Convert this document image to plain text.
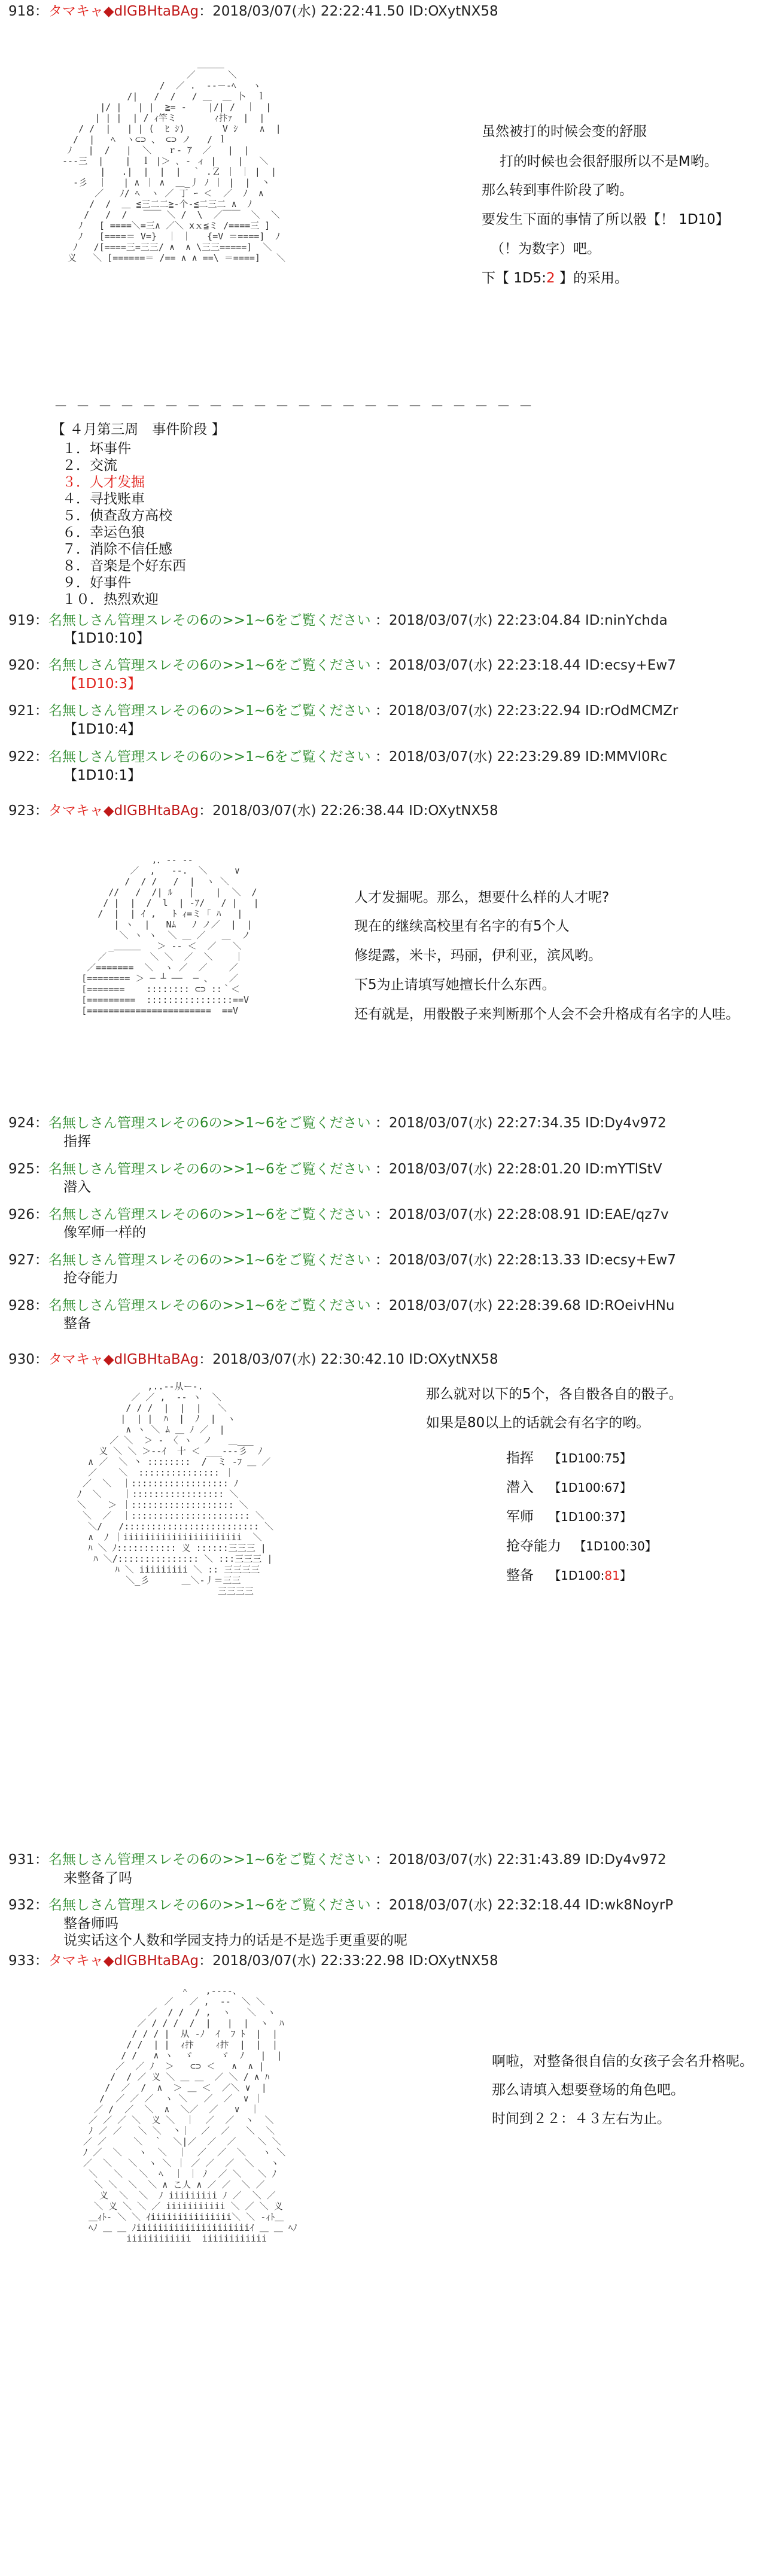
918：タマキャ◆dIGBHtaBAg：2018/03/07(水) 22:22:41.50 ID:OXytNX58

＿＿＿
／      ＼
/  ／ .  ‐‐－-ﾍ   ヽ
/|   /  /   / ＿  ＿ 卜  ｌ
|/ |   | |  ≧= ‐    |/| /  ｜  |
| | |  | / ｨ竿ミ       ｨ抃ｧ  |  |
/ /  |   | | (  ﾋ ｼ)       V ｼ    ∧  |
/  |   ﾍ  ヽ⊂⊃ 、 ⊂⊃ ノ   / ｌ
ﾉ   |  /   |  ＼   ｒ‐ ｱ  ／   |  |
---三  |    |  ｌ |＞ ､ ‐ ィ |    |   ＼
|   .|  |  |  |  ｀ .Ｚ ｜ ｜ |  |
‐彡  ｜   | ∧ ｜ ∧  ＿_丿 ﾉ ｜ |  |  丶
／   ﾉ/ ﾍ  ヽ ／ 丁 ｰ ＜  ／  ﾉ  ∧
/  /  ＿ ≦三二二≧-个-≦二三二 ∧  ﾉ
/   /  /   ￣￣ ＼ /  \  ／￣￣  ＼  ＼
ﾉ   [ ====＼=三∧ ／＼ xｘ≦ミ /====三 ]
ﾉ   [====＝ V=}  ｜ ｜   {=V ＝====]  ﾉ
ﾉ   /[====三=三三/ ∧  ∧ \三三=====]  ＼
义   ＼ [======＝ /== ∧ ∧ ==\ ＝====]   ＼

虽然被打的时候会变的舒服
打的时候也会很舒服所以不是M哟。
那么转到事件阶段了哟。
要发生下面的事情了所以骰【！ 1D10】
（！为数字）吧。
下【 1D5:2 】的采用。
－－－－－－－－－－－－－－－－－－－－－－
【 ４月第三周　事件阶段 】
１．坏事件
２．交流
３．人才发掘
４．寻找账車
５．侦查敌方高校
６．幸运色狼
７．消除不信任感
８．音楽是个好东西
９．好事件
１０．热烈欢迎
919：名無しさん管理スレその6の>>1~6をご覧ください ：2018/03/07(水) 22:23:04.84 ID:ninYchda
【1D10:10】
920：名無しさん管理スレその6の>>1~6をご覧ください ：2018/03/07(水) 22:23:18.44 ID:ecsy+Ew7
【1D10:3】
921：名無しさん管理スレその6の>>1~6をご覧ください ：2018/03/07(水) 22:23:22.94 ID:rOdMCMZr
【1D10:4】
922：名無しさん管理スレその6の>>1~6をご覧ください ：2018/03/07(水) 22:23:29.89 ID:MMVl0Rc
【1D10:1】
923：タマキャ◆dIGBHtaBAg：2018/03/07(水) 22:26:38.44 ID:OXytNX58

,．-‐ ‐-
／  ,   -‐.  ＼     ∨
/  / /   /  |  ヽ ＼
//   /  /| ﾙ   |    |  ＼  /
/ |  |  /  l  | ‐ｱ/   / |   |
/  |  | ｲ ,   ﾄ ｨ=ミ ｢ ﾊ   |
| ヽ  |   Nﾑ   ﾉ ノ／  |  |
＼ ヽ ヽ  ＼ ＿ ／   ＿  ノ
_＿＿＿   ＞ ‐‐ ＜  ／   ＼
／        ＼ ＼  ／  ＼    ｜
／=======  ＼  ヽ ／  ／    ／
[======== ＞ ─ ┴ ──  ─ 、   ／
[=======    :::::::: ⊂⊃ ::｀＜
[=========  ::::::::::::::::==V
[=======================  ==V

人才发掘呢。那么，想要什么样的人才呢?
现在的继续高校里有名字的有5个人
修缇露，米卡，玛丽，伊利亚，滨风哟。
下5为止请填写她擅长什么东西。
还有就是，用骰骰子来判断那个人会不会升格成有名字的人哇。
924：名無しさん管理スレその6の>>1~6をご覧ください ：2018/03/07(水) 22:27:34.35 ID:Dy4v972
指挥
925：名無しさん管理スレその6の>>1~6をご覧ください ：2018/03/07(水) 22:28:01.20 ID:mYTlStV
潜入
926：名無しさん管理スレその6の>>1~6をご覧ください ：2018/03/07(水) 22:28:08.91 ID:EAE/qz7v
像军师一样的
927：名無しさん管理スレその6の>>1~6をご覧ください ：2018/03/07(水) 22:28:13.33 ID:ecsy+Ew7
抢夺能力
928：名無しさん管理スレその6の>>1~6をご覧ください ：2018/03/07(水) 22:28:39.68 ID:ROeivHNu
整备
930：タマキャ◆dIGBHtaBAg：2018/03/07(水) 22:30:42.10 ID:OXytNX58

,..-‐从ー-.
／ ／ ,  ‐- ヽ  ＼
/ / /  |  |  |   ＼
|  | |  ﾊ  |  ﾉ  |  ヽ
∧ ヽ ＼ ﾑ ＿ ﾉ ／  |
／ ＼  ＞ - 〈 ヽ  ノ   ＿___
义 ＼ ＼ ＞‐-ｲ  十 ＜ ___‐‐‐彡  ﾉ
∧ ／  ＼ 丶 ::::::::  /  ミ ‐ﾌ ＿ ／
／    ＼  ::::::::::::::: ｜
／  ＼  ｜:::::::::::::::::: ﾉ
ﾉ  ＼    ｜::::::::::::::::: ＼
＼    ＞ ｜::::::::::::::::::: ＼
＼  ／  ｜:::::::::::::::::::::: ＼
＼/   /::::::::::::::::::::::::: ＼
∧  ﾉ ｜iiiiiiiiiiiiiiiiiiiiii  ＼
ﾊ ＼ ﾉ::::::::::: 义 ::::::三三三 |
ﾊ ＼/::::::::::::::: ＼ :::三三三 |
ﾊ ＼ iiiiiiiii ＼ :: 三三三三
＼_彡      ＿＼‐丿＝三三
三三三三

那么就对以下的5个，各自骰各自的骰子。
如果是80以上的话就会有名字的哟。
指挥 【1D100:75】
潜入 【1D100:67】
军师 【1D100:37】
抢夺能力 【1D100:30】
整备 【1D100:81】
931：名無しさん管理スレその6の>>1~6をご覧ください ：2018/03/07(水) 22:31:43.89 ID:Dy4v972
来整备了吗
932：名無しさん管理スレその6の>>1~6をご覧ください ：2018/03/07(水) 22:32:18.44 ID:wk8NoyrP
整备师吗
说实话这个人数和学园支持力的话是不是选手更重要的呢
933：タマキャ◆dIGBHtaBAg：2018/03/07(水) 22:33:22.98 ID:OXytNX58

＾   ,-‐‐-、
／   ／ ,  ‐‐  ＼ ＼
／  / /  / ,  ヽ   ＼  ヽ
／ / / /  /  |   |  |  ヽ  ﾊ
/ / / |  从 ‐ﾉ  ｲ  ﾌ ﾄ  |  |
/ /  | |  ｨ抃    ｨ抃  |  |  |
/ /   ∧ ヽ  ゞ     ゞ  ﾉ   |  |
／  ／ ﾉ  ＞   ⊂⊃ ＜   ∧  ∧ |
/  / ／ 义 ＼ ＿ ＿  ／ ＼ / ∧ ﾊ
/  ／  /  ∧  ＞ ＿ ＜  ／＼ ∨  |
/  ／ ／ ／  ヽ ＼   ／  ／  ∨ ｜
／ /  ／  ＼  ∧  ＼／  ／   ∨  ｜
／ ／ ／ ＼  义 ＼  ｜  ／  ／  ヽ  ＼
ﾉ ／ ／   ＼ ＼  丶｜  ／  ／   ＼  ＼
／ ／     ＼  ｀  ＼|／  ／  ／    ＼ ＼
ﾉ ／  ＼   ヽ  ＼  ｜  ／  ／  ＼   ヽ ＼
／  ＼   ＼  ヽ ＼ ｜ ／ ／  ／  ＼   ヽ
＼   ＼   ＼  ﾍ  ｜ ｜ ﾉ  ／ ＼   ＼ ﾉ
＼ ＼  ＼  ＼ ∧ こ人 ∧ ／ ／  ＼ ／
义  ＼  ＼  ﾉ iiiiiiiii ﾉ ／  ＼ ／
＼ 义 ＼ ＼ ／ iiiiiiiiiii ＼ ／ ＼ 义
＿ｨﾄ‐ ＼ ＼ ｲiiiiiiiiiiiiiii＼ ＼ ‐ｨﾄ＿
ﾍﾉ ＿ ＿ ﾉiiiiiiiiiiiiiiiiiiiiiｲ ＿ ＿ ﾍﾉ
iiiiiiiiiiii  iiiiiiiiiiii

啊啦，对整备很自信的女孩子会名升格呢。
那么请填入想要登场的角色吧。
时间到２２：４３左右为止。
